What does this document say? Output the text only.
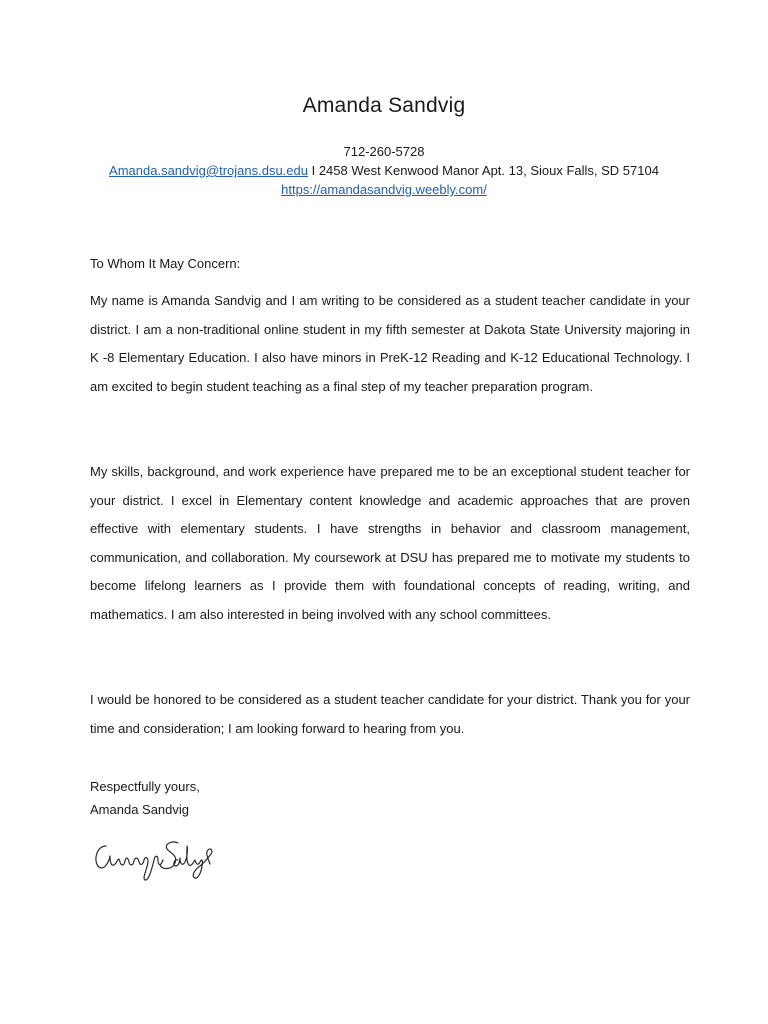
Amanda Sandvig
712-260-5728
Amanda.sandvig@trojans.dsu.edu I 2458 West Kenwood Manor Apt. 13, Sioux Falls, SD 57104
https://amandasandvig.weebly.com/
To Whom It May Concern:
My name is Amanda Sandvig and I am writing to be considered as a student teacher candidate in your district. I am a non-traditional online student in my fifth semester at Dakota State University majoring in K -8 Elementary Education. I also have minors in PreK-12 Reading and K-12 Educational Technology. I am excited to begin student teaching as a final step of my teacher preparation program.
My skills, background, and work experience have prepared me to be an exceptional student teacher for your district. I excel in Elementary content knowledge and academic approaches that are proven effective with elementary students. I have strengths in behavior and classroom management, communication, and collaboration. My coursework at DSU has prepared me to motivate my students to become lifelong learners as I provide them with foundational concepts of reading, writing, and mathematics. I am also interested in being involved with any school committees.
I would be honored to be considered as a student teacher candidate for your district. Thank you for your time and consideration; I am looking forward to hearing from you.
Respectfully yours,
Amanda Sandvig
